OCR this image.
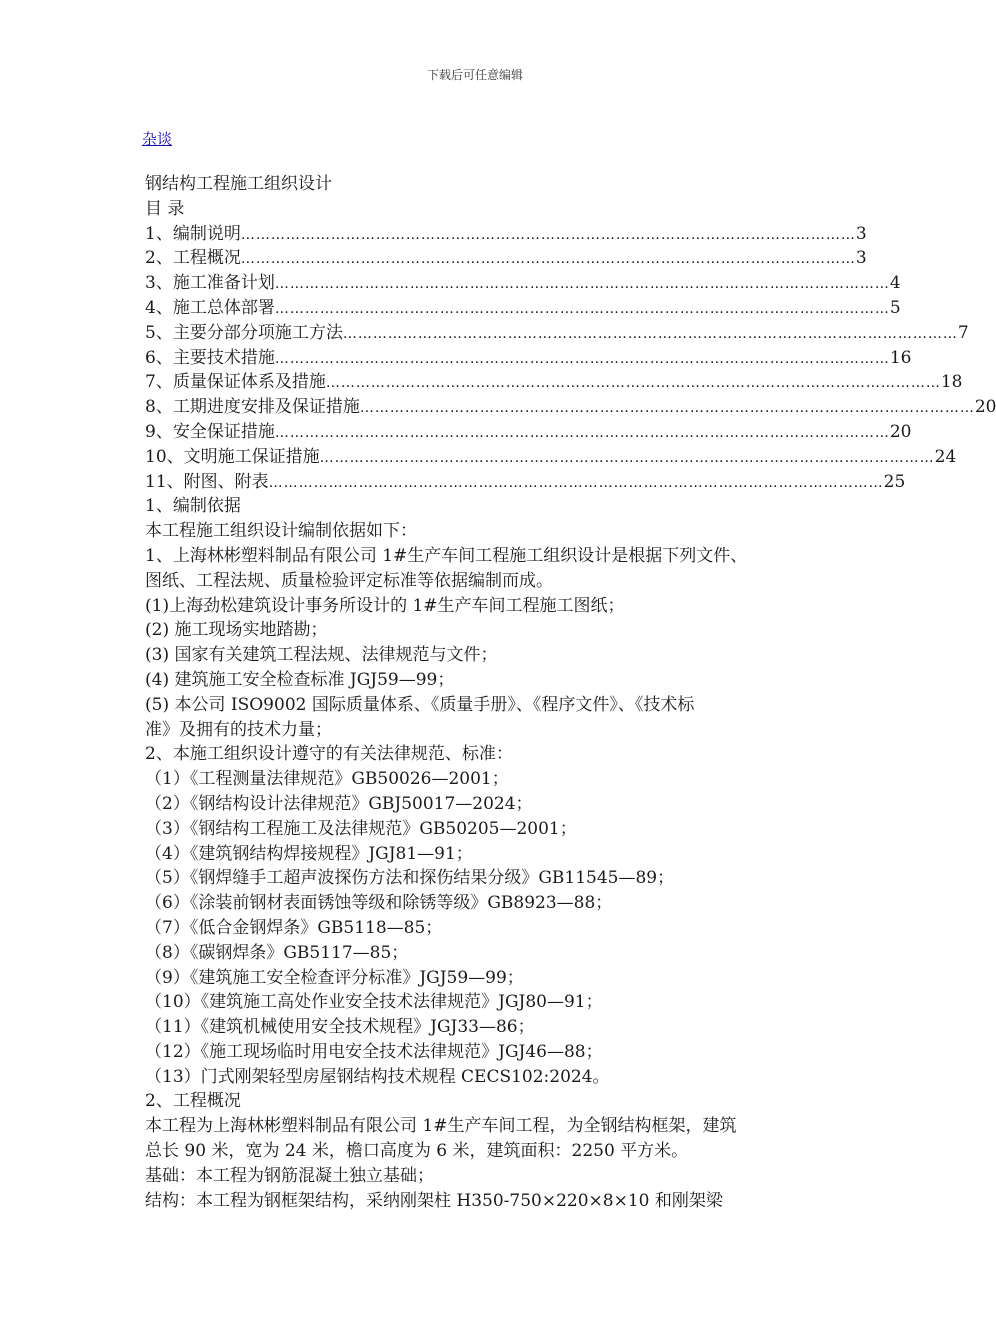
下载后可任意编辑
杂谈
钢结构工程施工组织设计
目 录
1、编制说明 …………………………………………………………………………………………………………… 3
2、工程概况 …………………………………………………………………………………………………………… 3
3、施工准备计划 …………………………………………………………………………………………………………… 4
4、施工总体部署 …………………………………………………………………………………………………………… 5
5、主要分部分项施工方法 …………………………………………………………………………………………………………… 7
6、主要技术措施 …………………………………………………………………………………………………………… 16
7、质量保证体系及措施 …………………………………………………………………………………………………………… 18
8、工期进度安排及保证措施 …………………………………………………………………………………………………………… 20
9、安全保证措施 …………………………………………………………………………………………………………… 20
10、文明施工保证措施 …………………………………………………………………………………………………………… 24
11、附图、附表 …………………………………………………………………………………………………………… 25
1、编制依据
本工程施工组织设计编制依据如下：
1、上海林彬塑料制品有限公司 1#生产车间工程施工组织设计是根据下列文件、
图纸、工程法规、质量检验评定标准等依据编制而成。
(1)上海劲松建筑设计事务所设计的 1#生产车间工程施工图纸；
(2) 施工现场实地踏勘；
(3) 国家有关建筑工程法规、法律规范与文件；
(4) 建筑施工安全检查标准 JGJ59—99；
(5) 本公司 ISO9002 国际质量体系、《质量手册》、《程序文件》、《技术标
准》及拥有的技术力量；
2、本施工组织设计遵守的有关法律规范、标准：
（1）《工程测量法律规范》GB50026—2001；
（2）《钢结构设计法律规范》GBJ50017—2024；
（3）《钢结构工程施工及法律规范》GB50205—2001；
（4）《建筑钢结构焊接规程》JGJ81—91；
（5）《钢焊缝手工超声波探伤方法和探伤结果分级》GB11545—89；
（6）《涂装前钢材表面锈蚀等级和除锈等级》GB8923—88；
（7）《低合金钢焊条》GB5118—85；
（8）《碳钢焊条》GB5117—85；
（9）《建筑施工安全检查评分标准》JGJ59—99；
（10）《建筑施工高处作业安全技术法律规范》JGJ80—91；
（11）《建筑机械使用安全技术规程》JGJ33—86；
（12）《施工现场临时用电安全技术法律规范》JGJ46—88；
（13）门式刚架轻型房屋钢结构技术规程 CECS102:2024。
2、工程概况
本工程为上海林彬塑料制品有限公司 1#生产车间工程，为全钢结构框架，建筑
总长 90 米，宽为 24 米，檐口高度为 6 米，建筑面积：2250 平方米。
基础：本工程为钢筋混凝土独立基础；
结构：本工程为钢框架结构，采纳刚架柱 H350-750×220×8×10 和刚架梁
